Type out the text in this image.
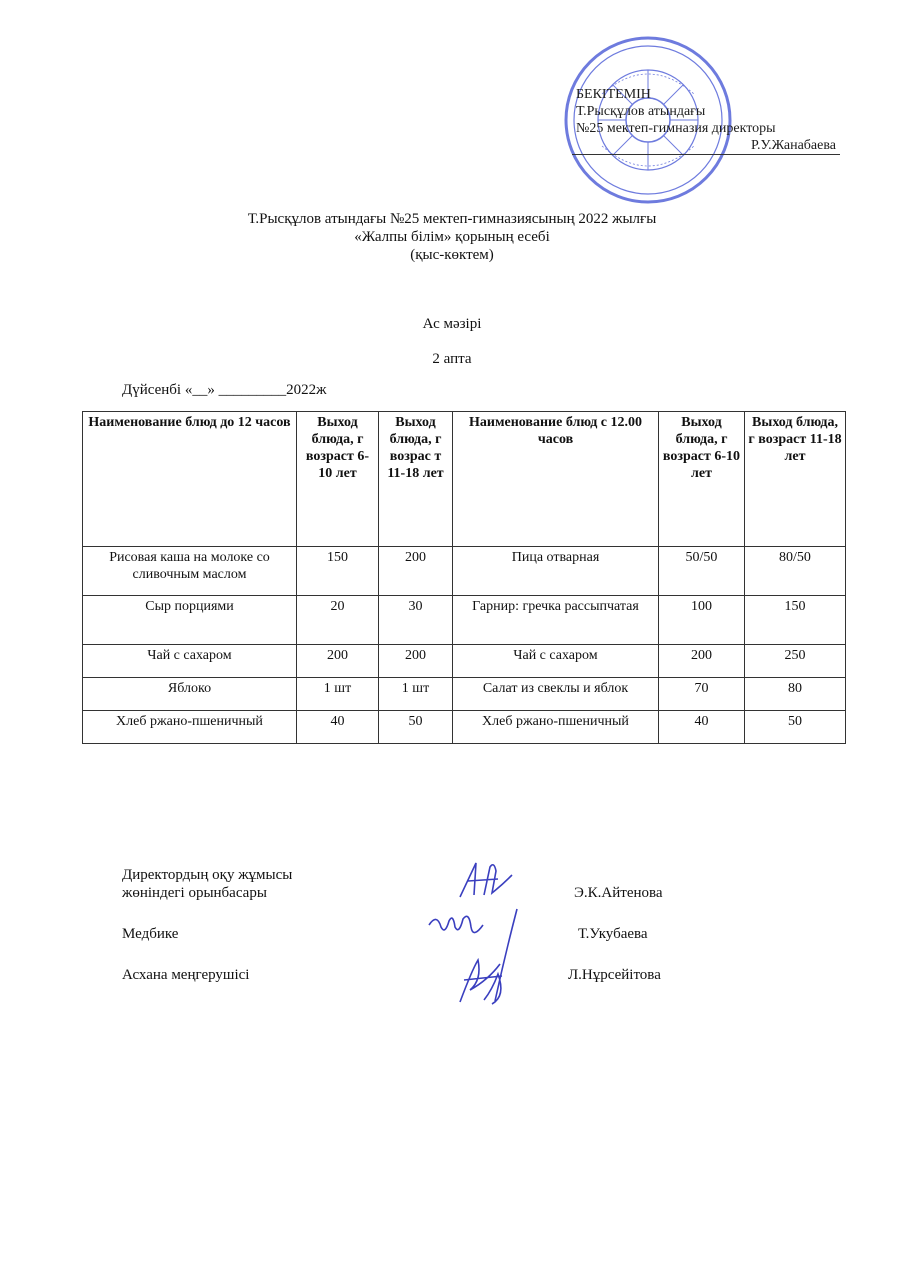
БЕКІТЕМІН
Т.Рысқұлов атындағы
№25 мектеп-гимназия директоры
Р.У.Жанабаева
Т.Рысқұлов атындағы №25 мектеп-гимназиясының 2022 жылғы
«Жалпы білім» қорының есебі
(қыс-көктем)
Ас мәзірі
2 апта
Дүйсенбі «__» _________2022ж
Наименование блюд до 12 часов	Выход блюда, г возраст 6-10 лет	Выход блюда, г возрас т 11-18 лет	Наименование блюд с 12.00 часов	Выход блюда, г возраст 6-10 лет	Выход блюда, г возраст 11-18 лет
Рисовая каша на молоке со сливочным маслом	150	200	Пица отварная	50/50	80/50
Сыр порциями	20	30	Гарнир: гречка рассыпчатая	100	150
Чай с сахаром	200	200	Чай с сахаром	200	250
Яблоко	1 шт	1 шт	Салат из свеклы и яблок	70	80
Хлеб ржано-пшеничный	40	50	Хлеб ржано-пшеничный	40	50
Директордың оқу жұмысы
жөніндегі орынбасары	Э.К.Айтенова
Медбике	Т.Укубаева
Асхана меңгерушісі	Л.Нұрсейітова
